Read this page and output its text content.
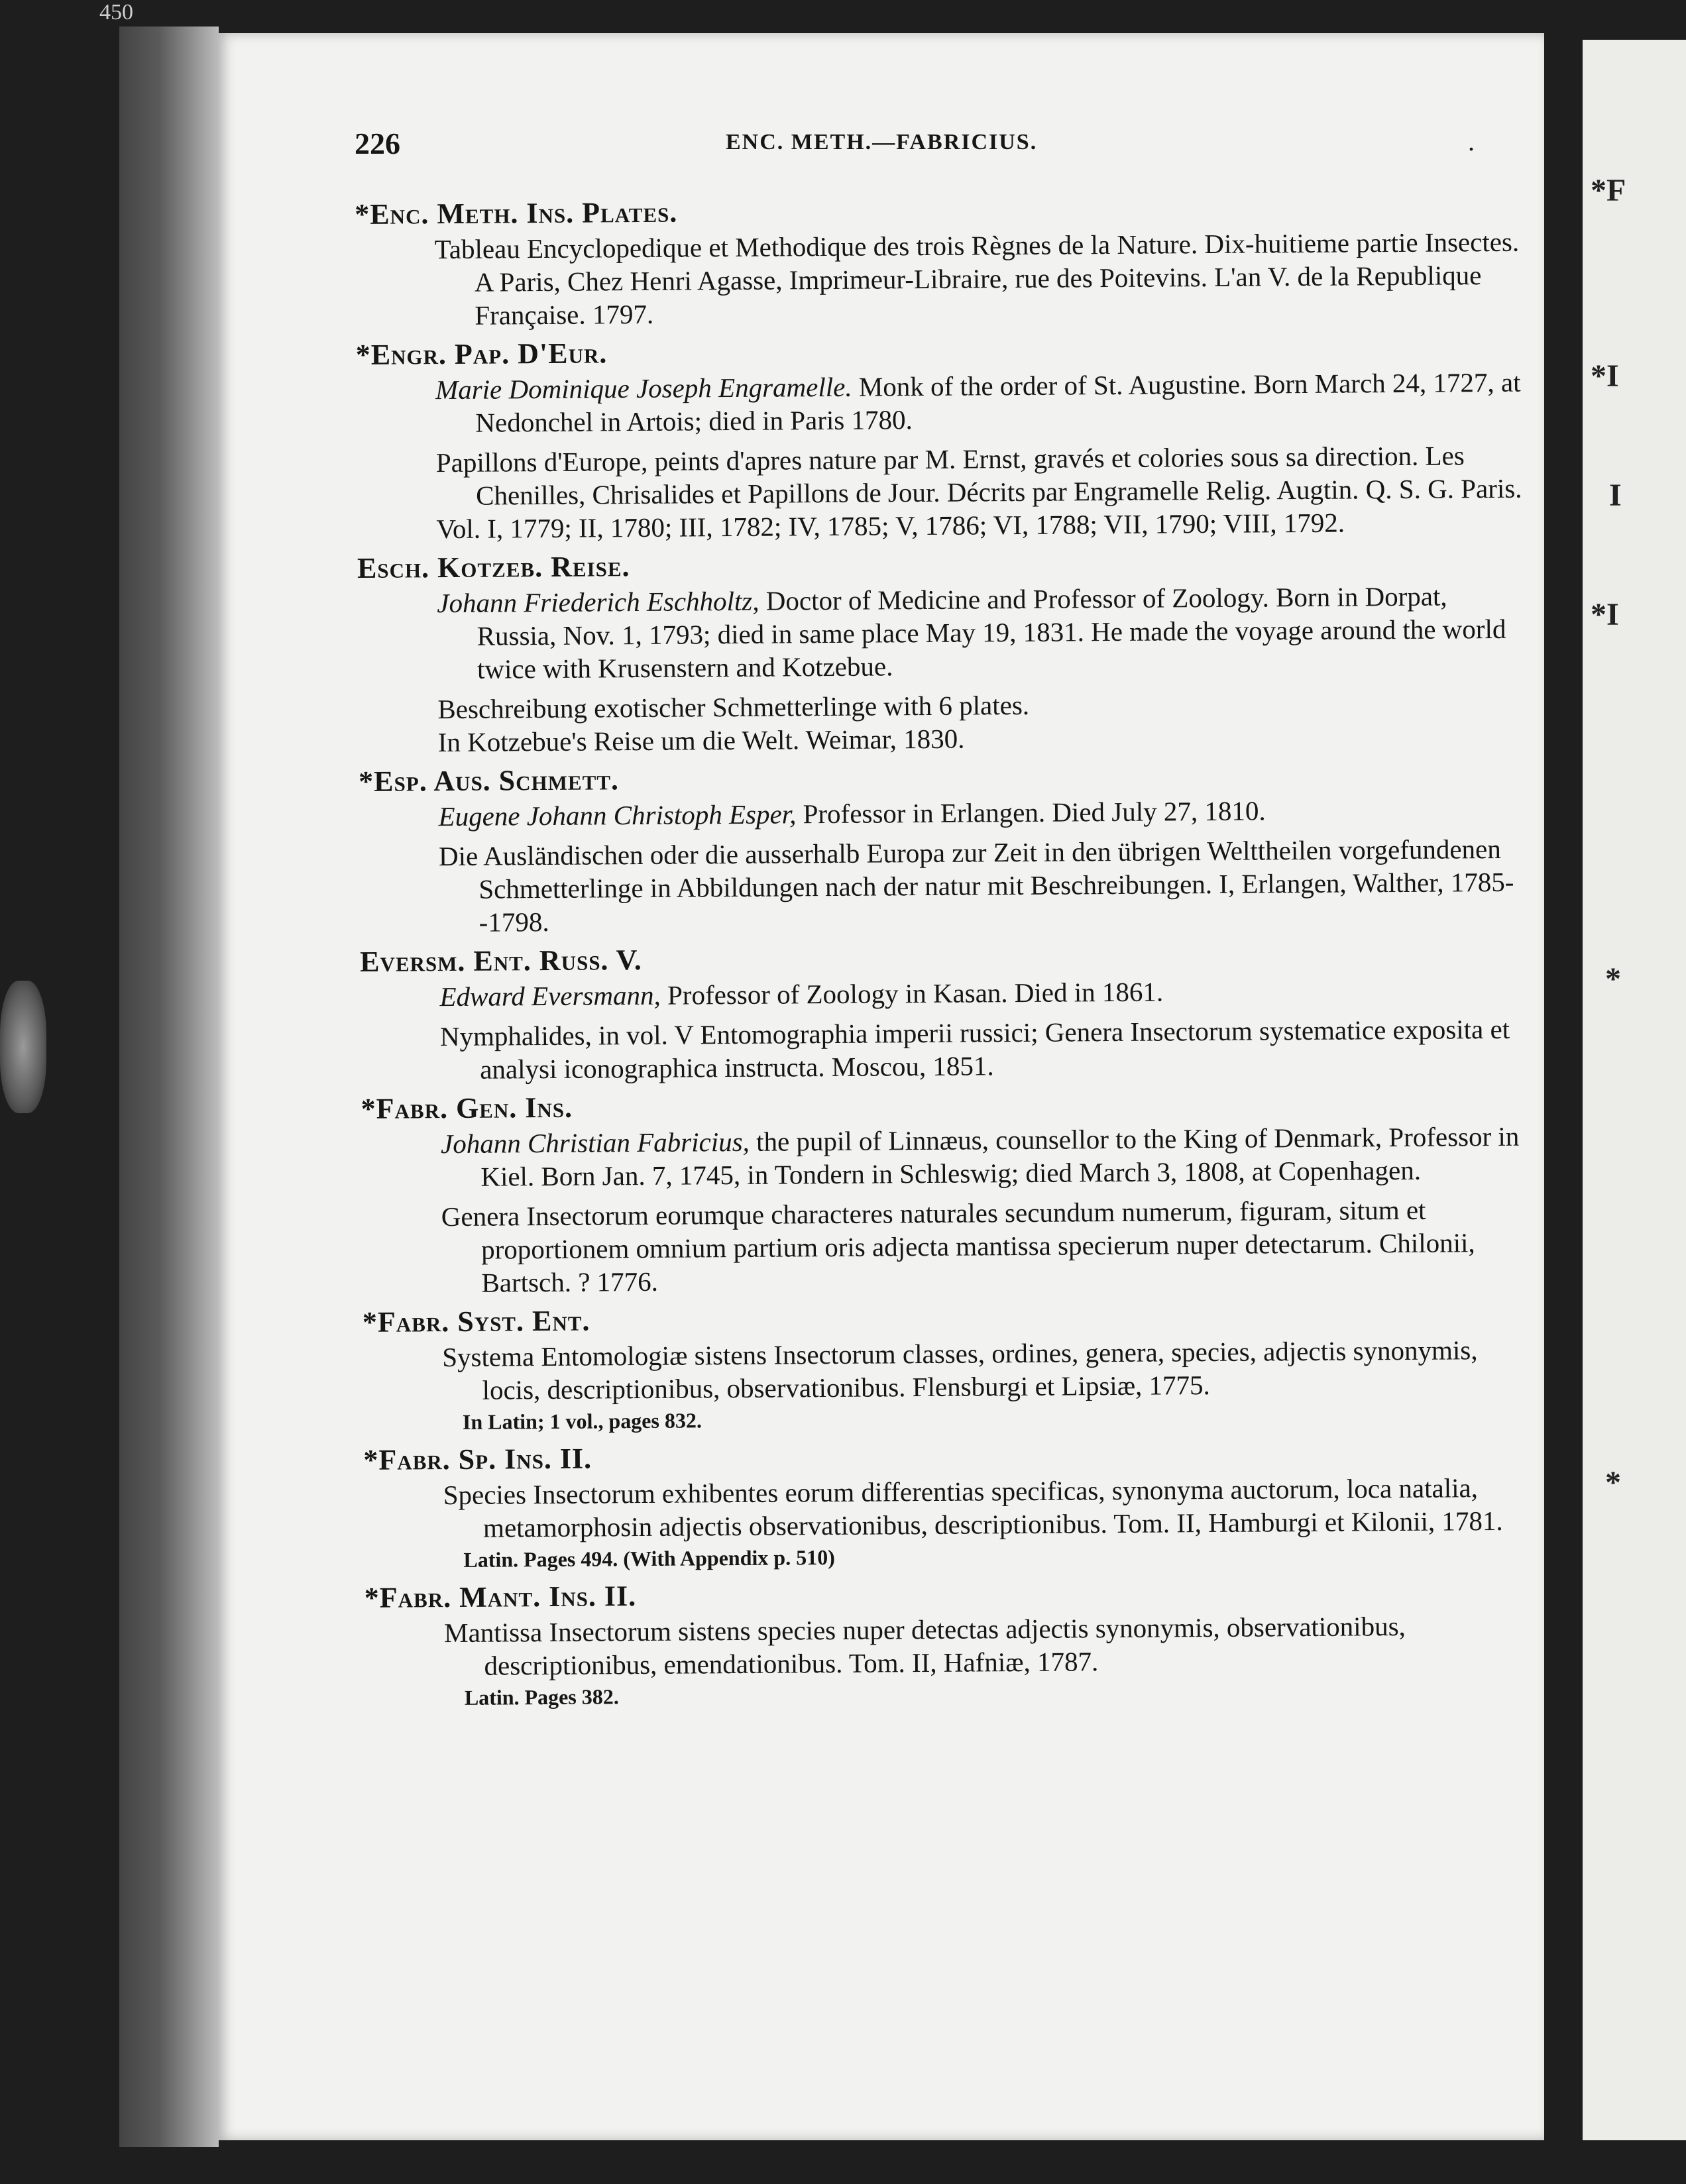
450
*F
*I
I
*I
*
*
226	ENC. METH.—FABRICIUS.	.
*Enc. Meth. Ins. Plates.
Tableau Encyclopedique et Methodique des trois Règnes de la Nature. Dix-huitieme partie Insectes. A Paris, Chez Henri Agasse, Imprimeur-Libraire, rue des Poitevins. L'an V. de la Republique Française. 1797.
*Engr. Pap. D'Eur.
Marie Dominique Joseph Engramelle. Monk of the order of St. Augustine. Born March 24, 1727, at Nedonchel in Artois; died in Paris 1780.
Papillons d'Europe, peints d'apres nature par M. Ernst, gravés et colories sous sa direction. Les Chenilles, Chrisalides et Papillons de Jour. Décrits par Engramelle Relig. Augtin. Q. S. G. Paris.
Vol. I, 1779; II, 1780; III, 1782; IV, 1785; V, 1786; VI, 1788; VII, 1790; VIII, 1792.
Esch. Kotzeb. Reise.
Johann Friederich Eschholtz, Doctor of Medicine and Professor of Zoology. Born in Dorpat, Russia, Nov. 1, 1793; died in same place May 19, 1831. He made the voyage around the world twice with Krusenstern and Kotzebue.
Beschreibung exotischer Schmetterlinge with 6 plates.
In Kotzebue's Reise um die Welt. Weimar, 1830.
*Esp. Aus. Schmett.
Eugene Johann Christoph Esper, Professor in Erlangen. Died July 27, 1810.
Die Ausländischen oder die ausserhalb Europa zur Zeit in den übrigen Welttheilen vorgefundenen Schmetterlinge in Abbildungen nach der natur mit Beschreibungen. I, Erlangen, Walther, 1785--1798.
Eversm. Ent. Russ. V.
Edward Eversmann, Professor of Zoology in Kasan. Died in 1861.
Nymphalides, in vol. V Entomographia imperii russici; Genera Insectorum systematice exposita et analysi iconographica instructa. Moscou, 1851.
*Fabr. Gen. Ins.
Johann Christian Fabricius, the pupil of Linnæus, counsellor to the King of Denmark, Professor in Kiel. Born Jan. 7, 1745, in Tondern in Schleswig; died March 3, 1808, at Copenhagen.
Genera Insectorum eorumque characteres naturales secundum numerum, figuram, situm et proportionem omnium partium oris adjecta mantissa specierum nuper detectarum. Chilonii, Bartsch. ? 1776.
*Fabr. Syst. Ent.
Systema Entomologiæ sistens Insectorum classes, ordines, genera, species, adjectis synonymis, locis, descriptionibus, observationibus. Flensburgi et Lipsiæ, 1775.
In Latin; 1 vol., pages 832.
*Fabr. Sp. Ins. II.
Species Insectorum exhibentes eorum differentias specificas, synonyma auctorum, loca natalia, metamorphosin adjectis observationibus, descriptionibus. Tom. II, Hamburgi et Kilonii, 1781.
Latin. Pages 494. (With Appendix p. 510)
*Fabr. Mant. Ins. II.
Mantissa Insectorum sistens species nuper detectas adjectis synonymis, observationibus, descriptionibus, emendationibus. Tom. II, Hafniæ, 1787.
Latin. Pages 382.
